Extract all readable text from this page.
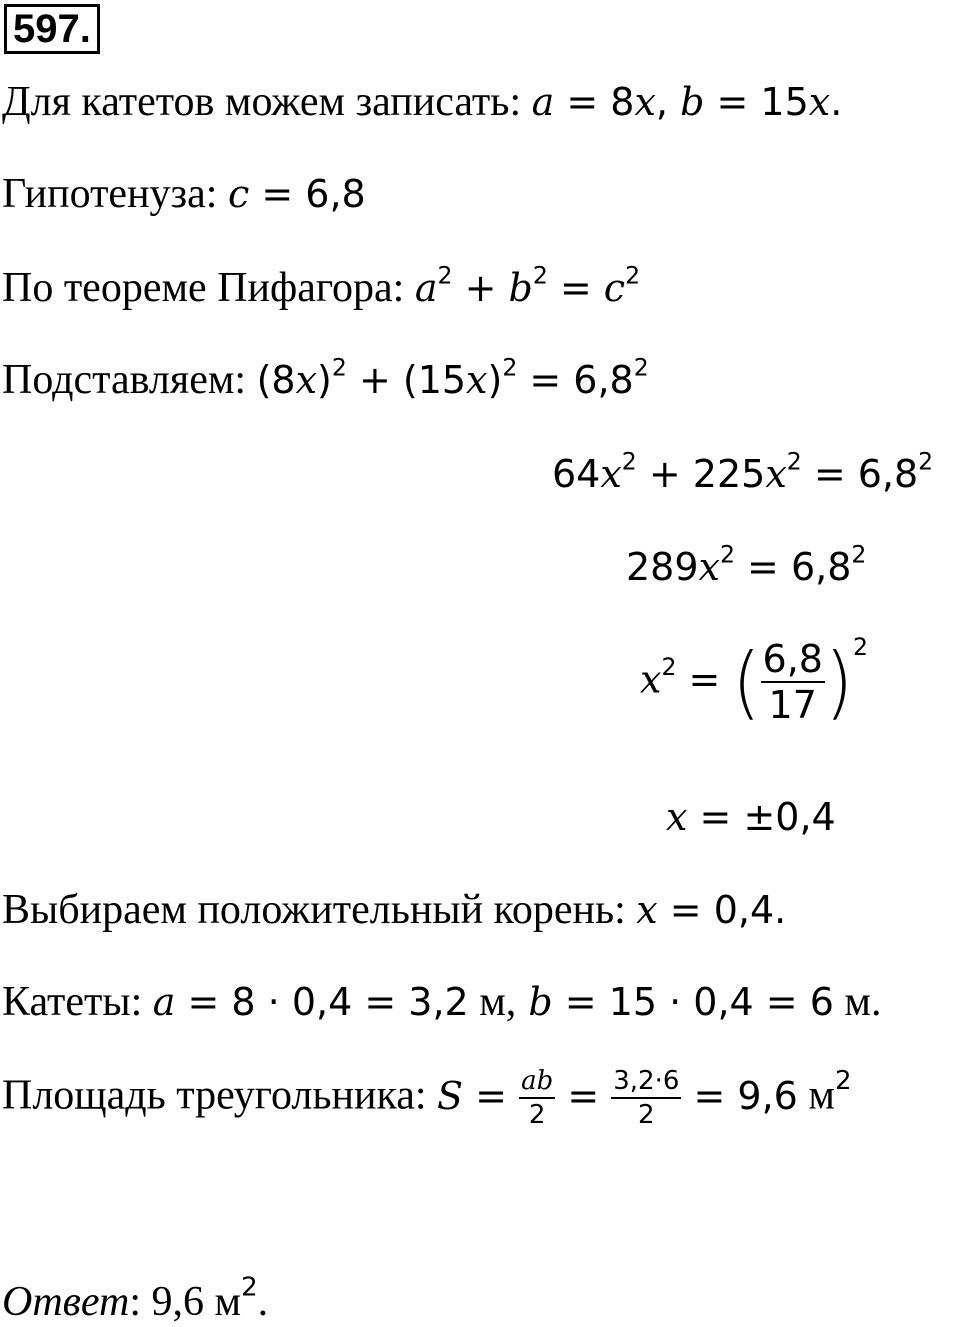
597.
Для катетов можем записать: a = 8x, b = 15x.
Гипотенуза: c = 6,8
По теореме Пифагора: $a^2 + b^2 = c^2$
Подставляем: $(8x)^2 + (15x)^2 = 6,8^2$
$64x^2 + 225x^2 = 6,8^2$
$289x^2 = 6,8^2$
$x^2$ = ( $\frac{6,8}{17} )^2$
x = ±0,4
Выбираем положительный корень: x = 0,4.
Катеты: a = 8 · 0,4 = 3,2 м, b = 15 · 0,4 = 6 м.
Площадь треугольника: $S = \frac{ab}{2} = \frac{3,2\cdot 6}{2} = 9,6$ $м^2$
Ответ: 9,6 $м^2$.
